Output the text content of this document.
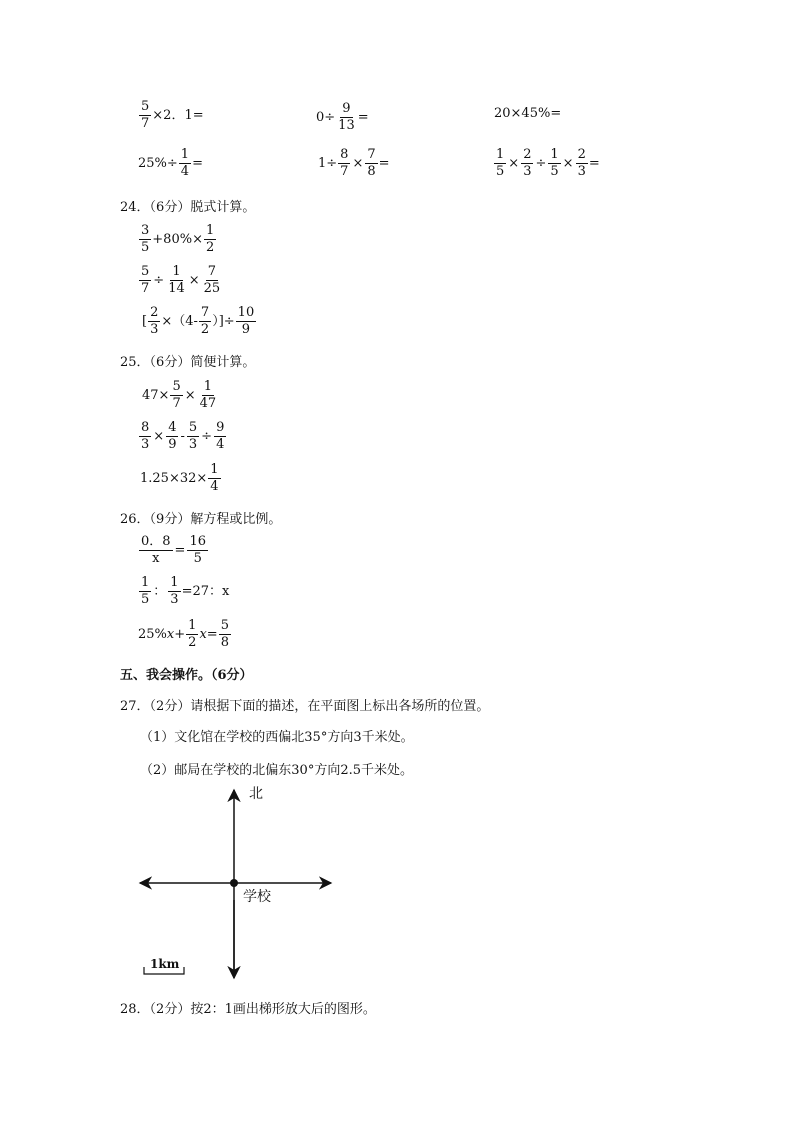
$\frac{5}{7} \times 2$．1=	$0\div \frac{9}{13}$ =	20×45%=
$25\%\div \frac{1}{4}$ =	$1\div \frac{8}{7} \times \frac{7}{8}$ =	$\frac{1}{5} \times \frac{2}{3} \div \frac{1}{5} \times \frac{2}{3}$ =
24．（6分）脱式计算。
$\frac{3}{5} +80\%\times \frac{1}{2}$
$\frac{5}{7} \div \frac{1}{14} \times \frac{7}{25}$
[ $\frac{2}{3} \times(4- \frac{7}{2}$ ）]÷ $\frac{10}{9}$
25．（6分）简便计算。
$47\times \frac{5}{7} \times \frac{1}{47}$
$\frac{8}{3} \times \frac{4}{9} - \frac{5}{3} \div \frac{9}{4}$
$1.25\times 32\times \frac{1}{4}$
26．（9分）解方程或比例。
$\frac{0.8}{x} = \frac{16}{5}$
$\frac{1}{5}$ ： $\frac{1}{3} =27$：x
25% $x + \frac{1}{2}$ $x = \frac{5}{8}$
五、我会操作。（6分）
27．（2分）请根据下面的描述，在平面图上标出各场所的位置。
（1）文化馆在学校的西偏北35°方向3千米处。
（2）邮局在学校的北偏东30°方向2.5千米处。
北
学校
1km
28．（2分）按2：1画出梯形放大后的图形。
